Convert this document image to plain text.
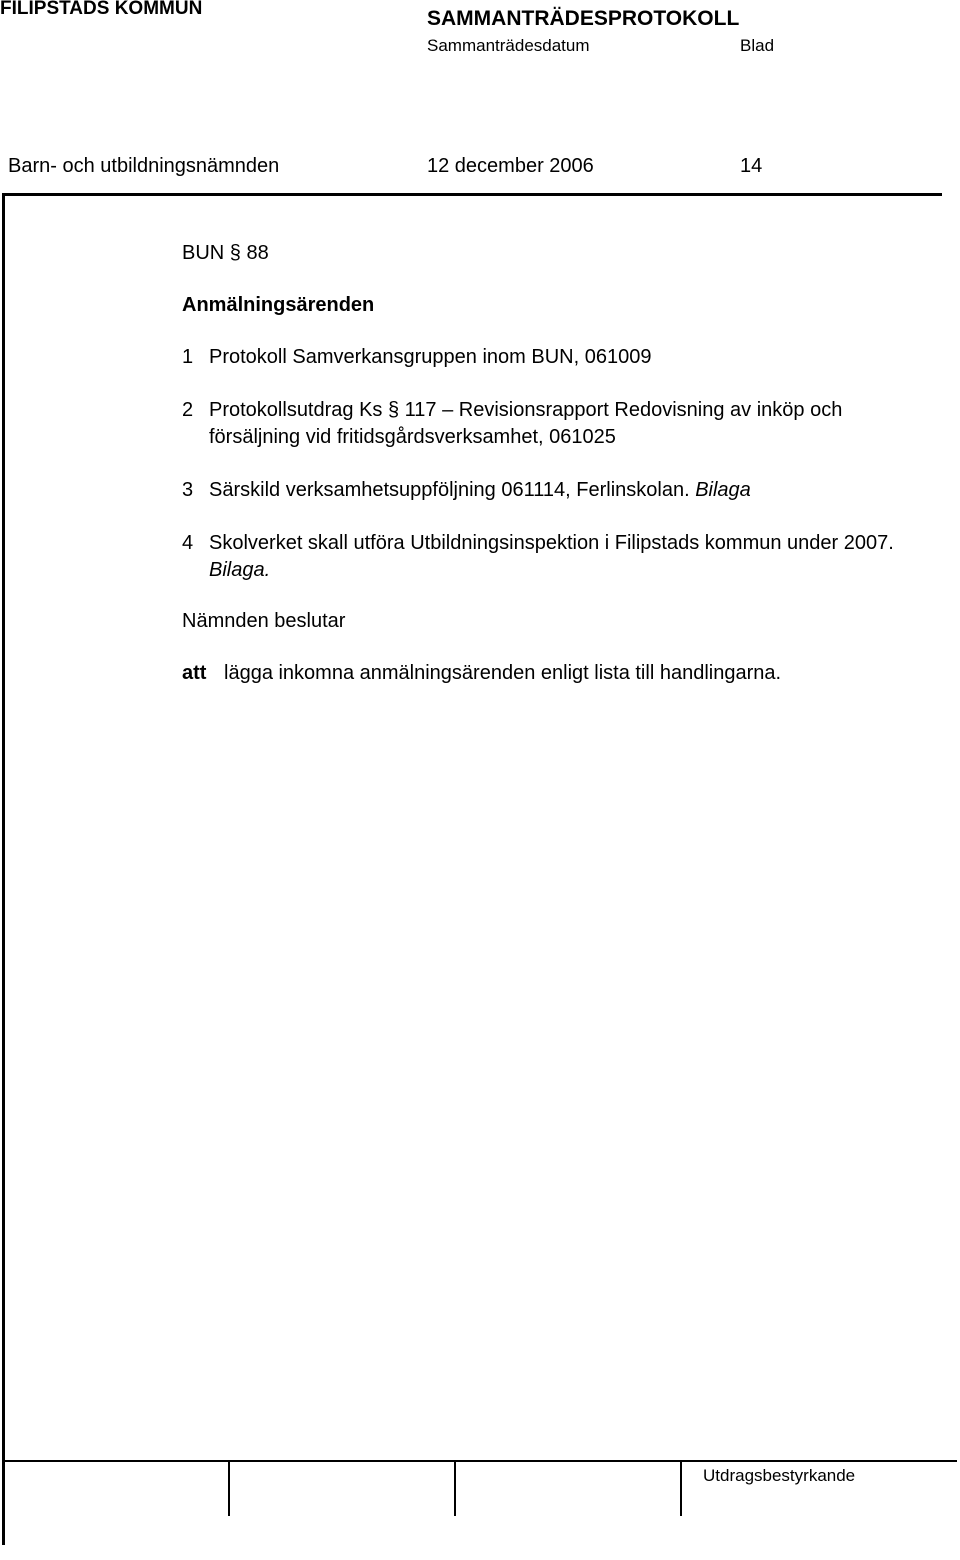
FILIPSTADS KOMMUN	SAMMANTRÄDESPROTOKOLL
Sammanträdesdatum	Blad
Barn- och utbildningsnämnden	12 december 2006	14

BUN § 88

Anmälningsärenden

1 Protokoll Samverkansgruppen inom BUN, 061009
2 Protokollsutdrag Ks § 117 – Revisionsrapport Redovisning av inköp och försäljning vid fritidsgårdsverksamhet, 061025
3 Särskild verksamhetsuppföljning 061114, Ferlinskolan. Bilaga
4 Skolverket skall utföra Utbildningsinspektion i Filipstads kommun under 2007. Bilaga.

Nämnden beslutar

att lägga inkomna anmälningsärenden enligt lista till handlingarna.
Utdragsbestyrkande
